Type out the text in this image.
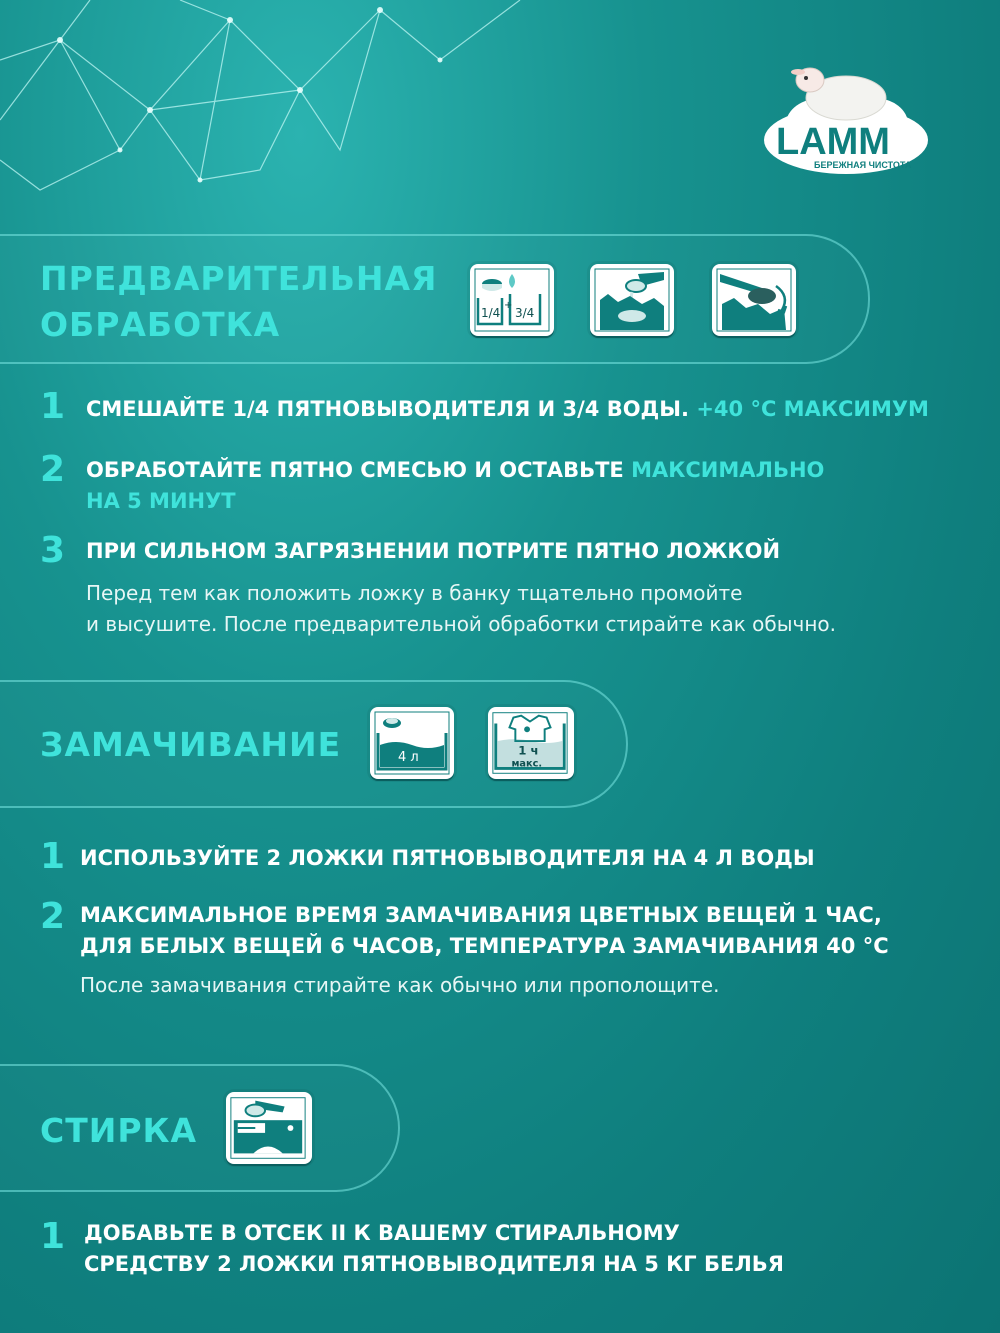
LAMM
БЕРЕЖНАЯ ЧИСТОТА
ПРЕДВАРИТЕЛЬНАЯ
ОБРАБОТКА	1/4
+
3/4
1 СМЕШАЙТЕ 1/4 ПЯТНОВЫВОДИТЕЛЯ И 3/4 ВОДЫ. +40 °С МАКСИМУМ
2 ОБРАБОТАЙТЕ ПЯТНО СМЕСЬЮ И ОСТАВЬТЕ МАКСИМАЛЬНО
НА 5 МИНУТ
3 ПРИ СИЛЬНОМ ЗАГРЯЗНЕНИИ ПОТРИТЕ ПЯТНО ЛОЖКОЙ
Перед тем как положить ложку в банку тщательно промойте
и высушите. После предварительной обработки стирайте как обычно.
ЗАМАЧИВАНИЕ	4 л	1 ч
макс.
1 ИСПОЛЬЗУЙТЕ 2 ЛОЖКИ ПЯТНОВЫВОДИТЕЛЯ НА 4 Л ВОДЫ
2 МАКСИМАЛЬНОЕ ВРЕМЯ ЗАМАЧИВАНИЯ ЦВЕТНЫХ ВЕЩЕЙ 1 ЧАС,
ДЛЯ БЕЛЫХ ВЕЩЕЙ 6 ЧАСОВ, ТЕМПЕРАТУРА ЗАМАЧИВАНИЯ 40 °С
После замачивания стирайте как обычно или прополощите.
СТИРКА
1 ДОБАВЬТЕ В ОТСЕК II К ВАШЕМУ СТИРАЛЬНОМУ
СРЕДСТВУ 2 ЛОЖКИ ПЯТНОВЫВОДИТЕЛЯ НА 5 КГ БЕЛЬЯ
